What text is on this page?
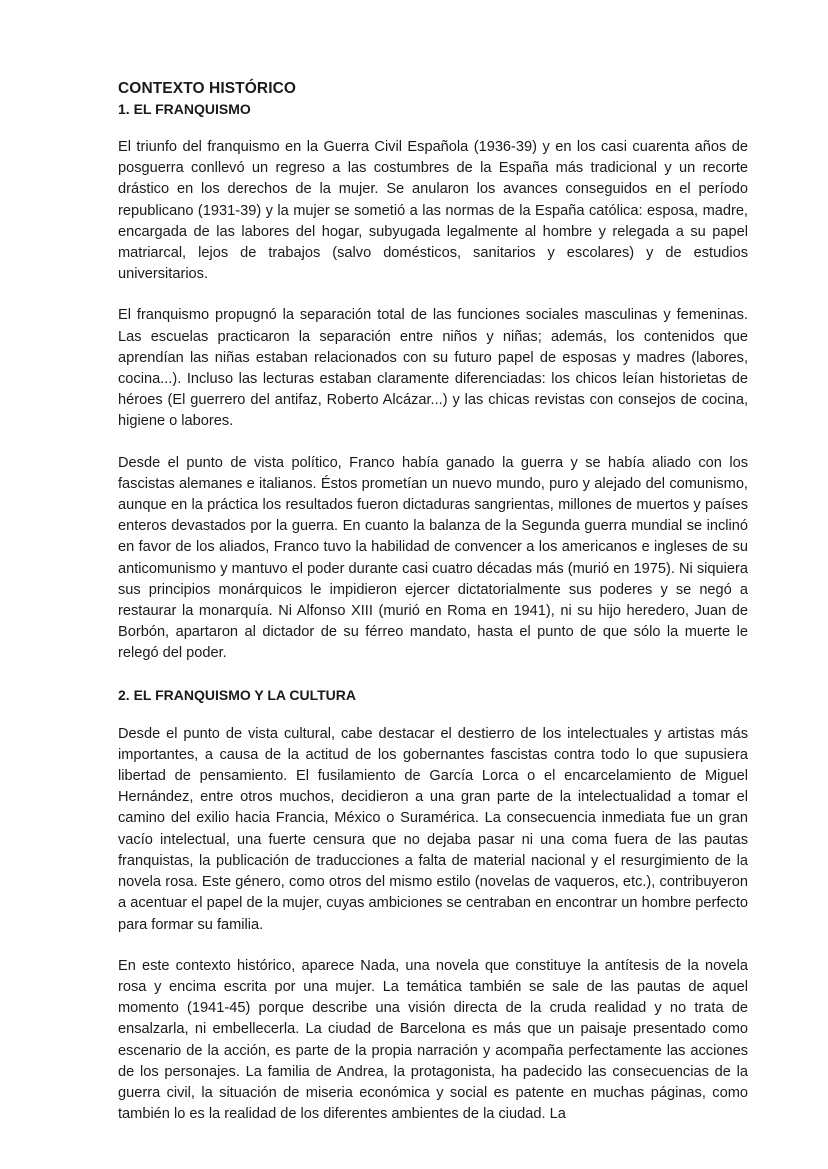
CONTEXTO HISTÓRICO
1. EL FRANQUISMO

El triunfo del franquismo en la Guerra Civil Española (1936-39) y en los casi cuarenta años de posguerra conllevó un regreso a las costumbres de la España más tradicional y un recorte drástico en los derechos de la mujer. Se anularon los avances conseguidos en el período republicano (1931-39) y la mujer se sometió a las normas de la España católica: esposa, madre, encargada de las labores del hogar, subyugada legalmente al hombre y relegada a su papel matriarcal, lejos de trabajos (salvo domésticos, sanitarios y escolares) y de estudios universitarios.

El franquismo propugnó la separación total de las funciones sociales masculinas y femeninas. Las escuelas practicaron la separación entre niños y niñas; además, los contenidos que aprendían las niñas estaban relacionados con su futuro papel de esposas y madres (labores, cocina...). Incluso las lecturas estaban claramente diferenciadas: los chicos leían historietas de héroes (El guerrero del antifaz, Roberto Alcázar...) y las chicas revistas con consejos de cocina, higiene o labores.

Desde el punto de vista político, Franco había ganado la guerra y se había aliado con los fascistas alemanes e italianos. Éstos prometían un nuevo mundo, puro y alejado del comunismo, aunque en la práctica los resultados fueron dictaduras sangrientas, millones de muertos y países enteros devastados por la guerra. En cuanto la balanza de la Segunda guerra mundial se inclinó en favor de los aliados, Franco tuvo la habilidad de convencer a los americanos e ingleses de su anticomunismo y mantuvo el poder durante casi cuatro décadas más (murió en 1975). Ni siquiera sus principios monárquicos le impidieron ejercer dictatorialmente sus poderes y se negó a restaurar la monarquía. Ni Alfonso XIII (murió en Roma en 1941), ni su hijo heredero, Juan de Borbón, apartaron al dictador de su férreo mandato, hasta el punto de que sólo la muerte le relegó del poder.

2. EL FRANQUISMO Y LA CULTURA

Desde el punto de vista cultural, cabe destacar el destierro de los intelectuales y artistas más importantes, a causa de la actitud de los gobernantes fascistas contra todo lo que supusiera libertad de pensamiento. El fusilamiento de García Lorca o el encarcelamiento de Miguel Hernández, entre otros muchos, decidieron a una gran parte de la intelectualidad a tomar el camino del exilio hacia Francia, México o Suramérica. La consecuencia inmediata fue un gran vacío intelectual, una fuerte censura que no dejaba pasar ni una coma fuera de las pautas franquistas, la publicación de traducciones a falta de material nacional y el resurgimiento de la novela rosa. Este género, como otros del mismo estilo (novelas de vaqueros, etc.), contribuyeron a acentuar el papel de la mujer, cuyas ambiciones se centraban en encontrar un hombre perfecto para formar su familia.

En este contexto histórico, aparece Nada, una novela que constituye la antítesis de la novela rosa y encima escrita por una mujer. La temática también se sale de las pautas de aquel momento (1941-45) porque describe una visión directa de la cruda realidad y no trata de ensalzarla, ni embellecerla. La ciudad de Barcelona es más que un paisaje presentado como escenario de la acción, es parte de la propia narración y acompaña perfectamente las acciones de los personajes. La familia de Andrea, la protagonista, ha padecido las consecuencias de la guerra civil, la situación de miseria económica y social es patente en muchas páginas, como también lo es la realidad de los diferentes ambientes de la ciudad. La
